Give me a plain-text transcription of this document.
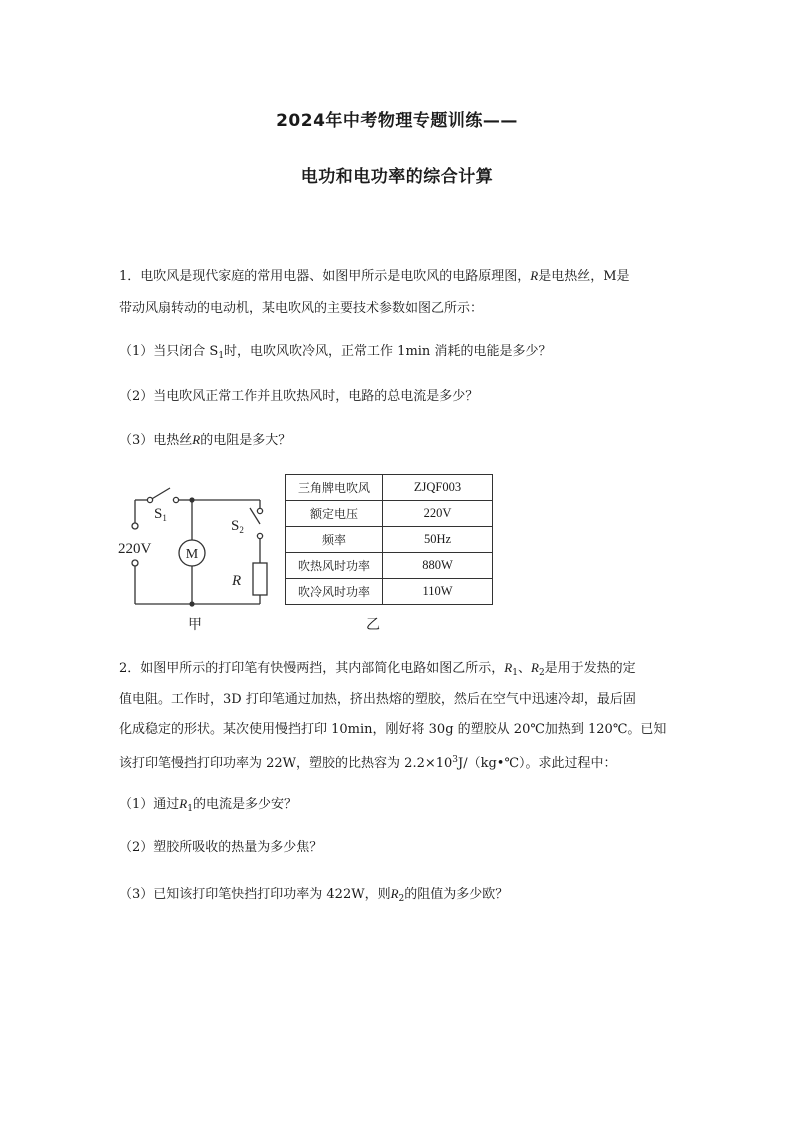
2024年中考物理专题训练——
电功和电功率的综合计算

1．电吹风是现代家庭的常用电器、如图甲所示是电吹风的电路原理图，R是电热丝，M是

带动风扇转动的电动机，某电吹风的主要技术参数如图乙所示：

（1）当只闭合 $S_1$时，电吹风吹冷风，正常工作 1min 消耗的电能是多少？

（2）当电吹风正常工作并且吹热风时，电路的总电流是多少？

（3）电热丝R的电阻是多大？

$S_1$	$S_2$
220V M
R

甲

三角牌电吹风	ZJQF003
额定电压	220V
频率	50Hz
吹热风时功率	880W
吹冷风时功率	110W

乙

2．如图甲所示的打印笔有快慢两挡，其内部简化电路如图乙所示，$R_1$、$R_2$是用于发热的定

值电阻。工作时，3D 打印笔通过加热，挤出热熔的塑胶，然后在空气中迅速冷却，最后固

化成稳定的形状。某次使用慢挡打印 10min，刚好将 30g 的塑胶从 20℃加热到 120℃。已知

该打印笔慢挡打印功率为 22W，塑胶的比热容为 $2.2\times 10^3J/(kg•℃)$。求此过程中：

（1）通过$R_1$的电流是多少安？

（2）塑胶所吸收的热量为多少焦？

（3）已知该打印笔快挡打印功率为 422W，则$R_2$的阻值为多少欧？
